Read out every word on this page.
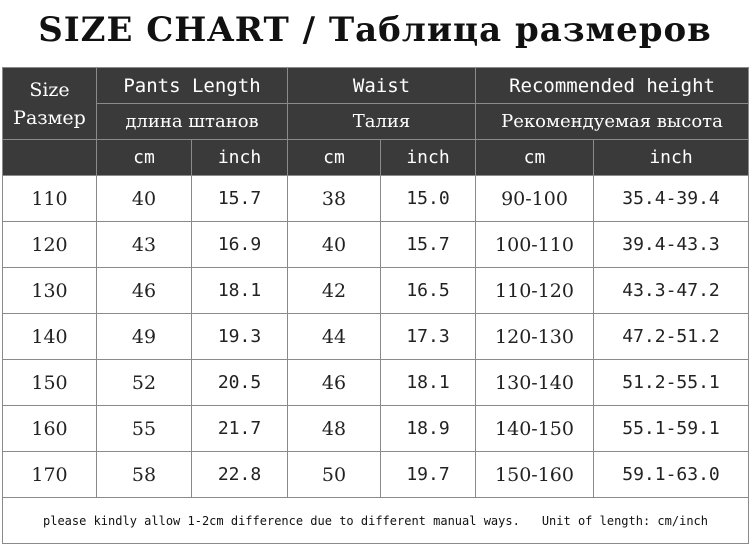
SIZE CHART / Таблица размеров
Size
Размер	Pants Length		Waist		Recommended height	
	длина штанов		Талия		Рекомендуемая высота	
	cm	inch	cm	inch	cm	inch
110	40	15.7	38	15.0	90-100	35.4-39.4
120	43	16.9	40	15.7	100-110	39.4-43.3
130	46	18.1	42	16.5	110-120	43.3-47.2
140	49	19.3	44	17.3	120-130	47.2-51.2
150	52	20.5	46	18.1	130-140	51.2-55.1
160	55	21.7	48	18.9	140-150	55.1-59.1
170	58	22.8	50	19.7	150-160	59.1-63.0
please kindly allow 1-2cm difference due to different manual ways. Unit of length: cm/inch						
